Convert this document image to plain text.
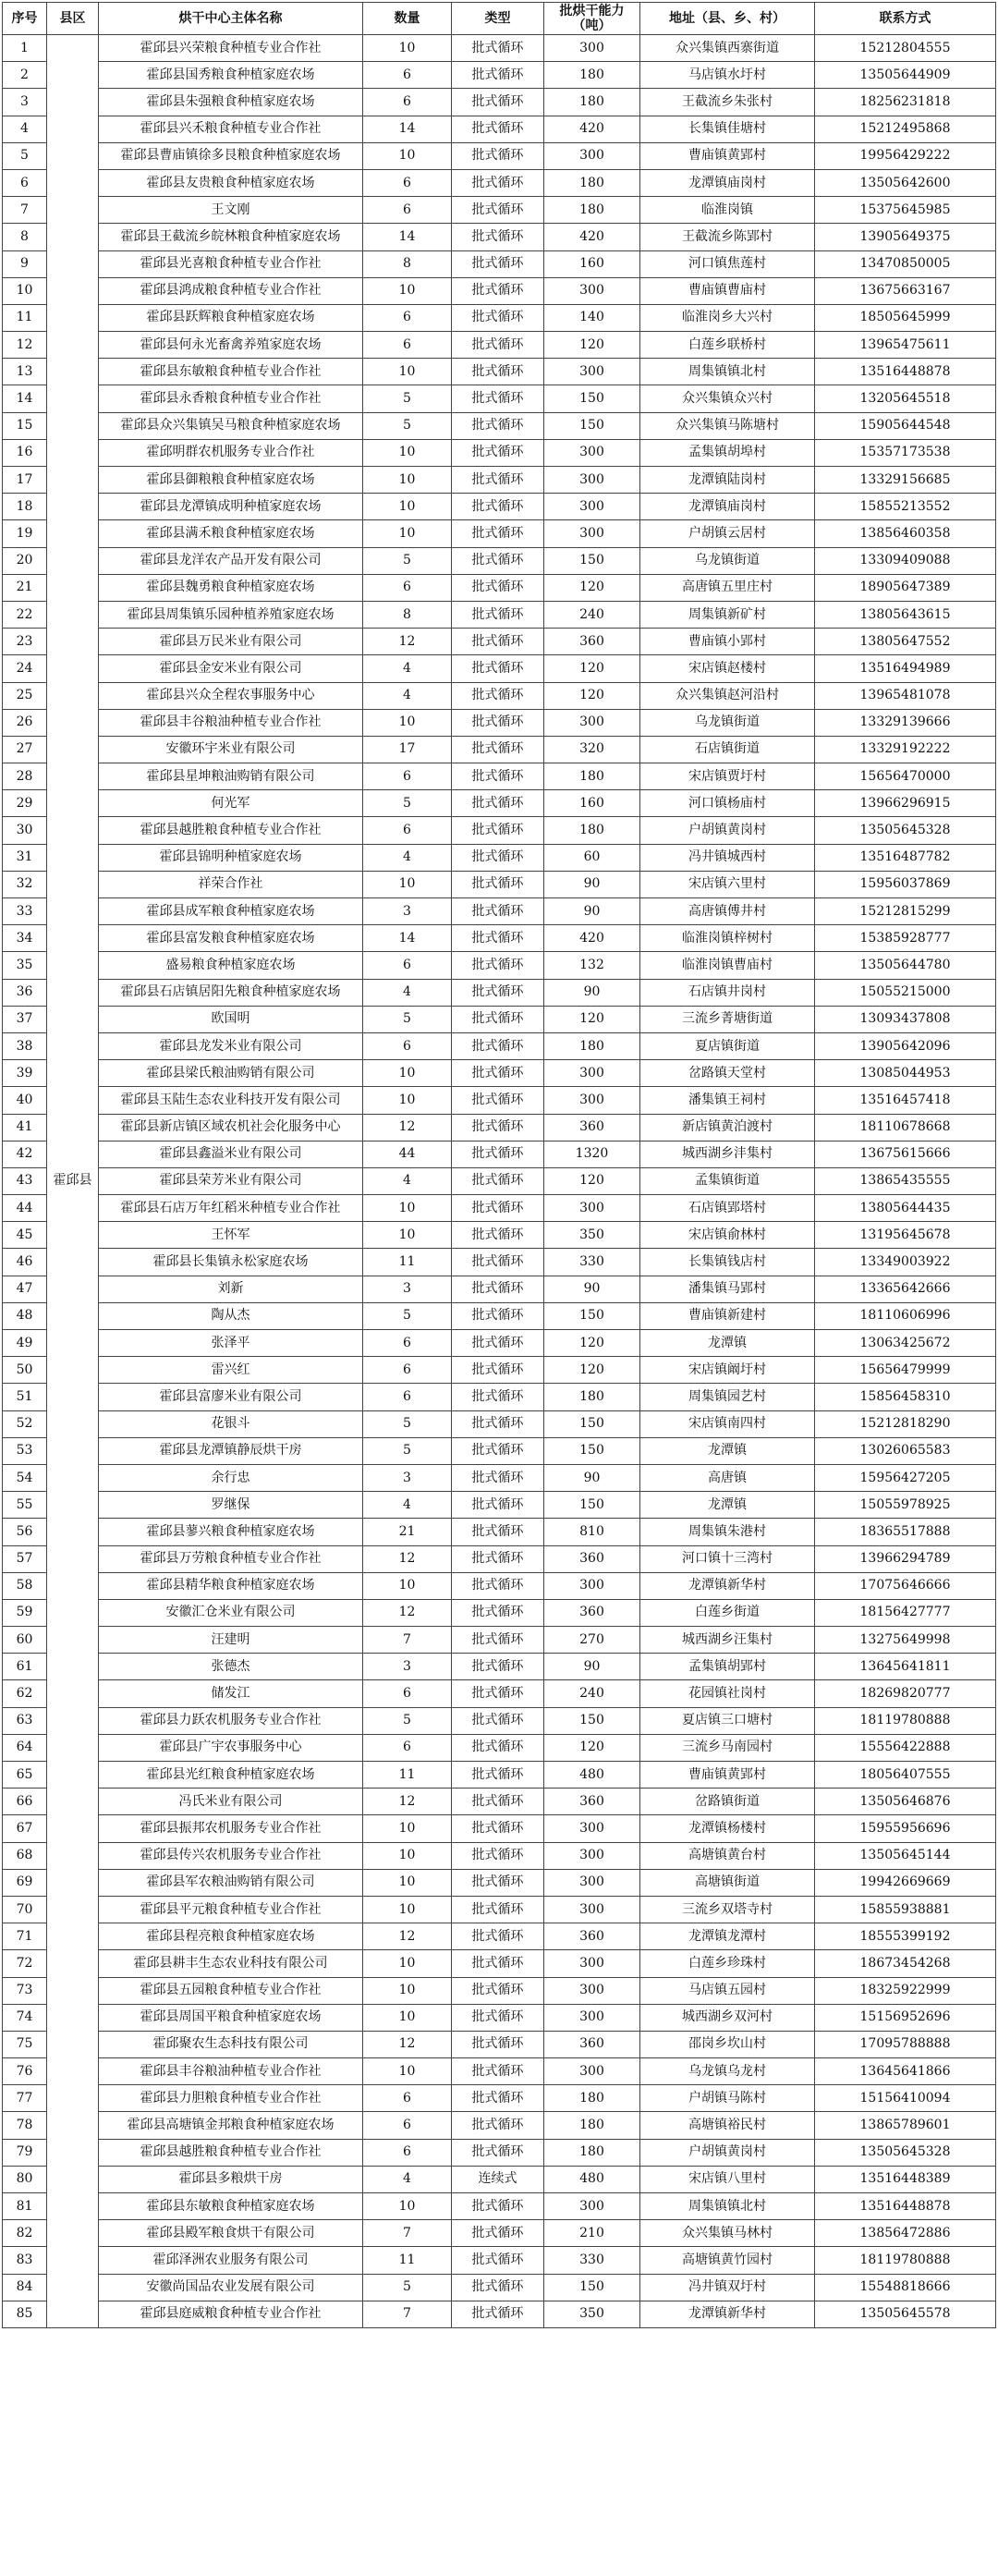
序号	县区	烘干中心主体名称	数量	类型	批烘干能力（吨）	地址（县、乡、村）	联系方式
1	霍邱县	霍邱县兴荣粮食种植专业合作社	10	批式循环	300	众兴集镇西寨街道	15212804555
2		霍邱县国秀粮食种植家庭农场	6	批式循环	180	马店镇水圩村	13505644909
3		霍邱县朱强粮食种植家庭农场	6	批式循环	180	王截流乡朱张村	18256231818
4		霍邱县兴禾粮食种植专业合作社	14	批式循环	420	长集镇佳塘村	15212495868
5		霍邱县曹庙镇徐多艮粮食种植家庭农场	10	批式循环	300	曹庙镇黄郢村	19956429222
6		霍邱县友贵粮食种植家庭农场	6	批式循环	180	龙潭镇庙岗村	13505642600
7		王文刚	6	批式循环	180	临淮岗镇	15375645985
8		霍邱县王截流乡皖林粮食种植家庭农场	14	批式循环	420	王截流乡陈郢村	13905649375
9		霍邱县光喜粮食种植专业合作社	8	批式循环	160	河口镇焦莲村	13470850005
10		霍邱县鸿成粮食种植专业合作社	10	批式循环	300	曹庙镇曹庙村	13675663167
11		霍邱县跃辉粮食种植家庭农场	6	批式循环	140	临淮岗乡大兴村	18505645999
12		霍邱县何永光畜禽养殖家庭农场	6	批式循环	120	白莲乡联桥村	13965475611
13		霍邱县东敏粮食种植专业合作社	10	批式循环	300	周集镇镇北村	13516448878
14		霍邱县永香粮食种植专业合作社	5	批式循环	150	众兴集镇众兴村	13205645518
15		霍邱县众兴集镇吴马粮食种植家庭农场	5	批式循环	150	众兴集镇马陈塘村	15905644548
16		霍邱明群农机服务专业合作社	10	批式循环	300	孟集镇胡埠村	15357173538
17		霍邱县御粮粮食种植家庭农场	10	批式循环	300	龙潭镇陆岗村	13329156685
18		霍邱县龙潭镇成明种植家庭农场	10	批式循环	300	龙潭镇庙岗村	15855213552
19		霍邱县满禾粮食种植家庭农场	10	批式循环	300	户胡镇云居村	13856460358
20		霍邱县龙洋农产品开发有限公司	5	批式循环	150	乌龙镇街道	13309409088
21		霍邱县魏勇粮食种植家庭农场	6	批式循环	120	高唐镇五里庄村	18905647389
22		霍邱县周集镇乐园种植养殖家庭农场	8	批式循环	240	周集镇新矿村	13805643615
23		霍邱县万民米业有限公司	12	批式循环	360	曹庙镇小郢村	13805647552
24		霍邱县金安米业有限公司	4	批式循环	120	宋店镇赵楼村	13516494989
25		霍邱县兴众全程农事服务中心	4	批式循环	120	众兴集镇赵河沿村	13965481078
26		霍邱县丰谷粮油种植专业合作社	10	批式循环	300	乌龙镇街道	13329139666
27		安徽环宇米业有限公司	17	批式循环	320	石店镇街道	13329192222
28		霍邱县星坤粮油购销有限公司	6	批式循环	180	宋店镇贾圩村	15656470000
29		何光军	5	批式循环	160	河口镇杨庙村	13966296915
30		霍邱县越胜粮食种植专业合作社	6	批式循环	180	户胡镇黄岗村	13505645328
31		霍邱县锦明种植家庭农场	4	批式循环	60	冯井镇城西村	13516487782
32		祥荣合作社	10	批式循环	90	宋店镇六里村	15956037869
33		霍邱县成军粮食种植家庭农场	3	批式循环	90	高唐镇傅井村	15212815299
34		霍邱县富发粮食种植家庭农场	14	批式循环	420	临淮岗镇梓树村	15385928777
35		盛易粮食种植家庭农场	6	批式循环	132	临淮岗镇曹庙村	13505644780
36		霍邱县石店镇居阳先粮食种植家庭农场	4	批式循环	90	石店镇井岗村	15055215000
37		欧国明	5	批式循环	120	三流乡菁塘街道	13093437808
38		霍邱县龙发米业有限公司	6	批式循环	180	夏店镇街道	13905642096
39		霍邱县梁氏粮油购销有限公司	10	批式循环	300	岔路镇天堂村	13085044953
40		霍邱县玉陆生态农业科技开发有限公司	10	批式循环	300	潘集镇王祠村	13516457418
41		霍邱县新店镇区域农机社会化服务中心	12	批式循环	360	新店镇黄泊渡村	18110678668
42		霍邱县鑫溢米业有限公司	44	批式循环	1320	城西湖乡沣集村	13675615666
43		霍邱县荣芳米业有限公司	4	批式循环	120	孟集镇街道	13865435555
44		霍邱县石店万年红稻米种植专业合作社	10	批式循环	300	石店镇郢塔村	13805644435
45		王怀军	10	批式循环	350	宋店镇俞林村	13195645678
46		霍邱县长集镇永松家庭农场	11	批式循环	330	长集镇钱店村	13349003922
47		刘新	3	批式循环	90	潘集镇马郢村	13365642666
48		陶从杰	5	批式循环	150	曹庙镇新建村	18110606996
49		张泽平	6	批式循环	120	龙潭镇	13063425672
50		雷兴红	6	批式循环	120	宋店镇阚圩村	15656479999
51		霍邱县富廖米业有限公司	6	批式循环	180	周集镇园艺村	15856458310
52		花银斗	5	批式循环	150	宋店镇南四村	15212818290
53		霍邱县龙潭镇静辰烘干房	5	批式循环	150	龙潭镇	13026065583
54		余行忠	3	批式循环	90	高唐镇	15956427205
55		罗继保	4	批式循环	150	龙潭镇	15055978925
56		霍邱县蓼兴粮食种植家庭农场	21	批式循环	810	周集镇朱港村	18365517888
57		霍邱县万劳粮食种植专业合作社	12	批式循环	360	河口镇十三湾村	13966294789
58		霍邱县精华粮食种植家庭农场	10	批式循环	300	龙潭镇新华村	17075646666
59		安徽汇仓米业有限公司	12	批式循环	360	白莲乡街道	18156427777
60		汪建明	7	批式循环	270	城西湖乡汪集村	13275649998
61		张德杰	3	批式循环	90	孟集镇胡郢村	13645641811
62		储发江	6	批式循环	240	花园镇社岗村	18269820777
63		霍邱县力跃农机服务专业合作社	5	批式循环	150	夏店镇三口塘村	18119780888
64		霍邱县广宇农事服务中心	6	批式循环	120	三流乡马南园村	15556422888
65		霍邱县光红粮食种植家庭农场	11	批式循环	480	曹庙镇黄郢村	18056407555
66		冯氏米业有限公司	12	批式循环	360	岔路镇街道	13505646876
67		霍邱县振邦农机服务专业合作社	10	批式循环	300	龙潭镇杨楼村	15955956696
68		霍邱县传兴农机服务专业合作社	10	批式循环	300	高塘镇黄台村	13505645144
69		霍邱县军农粮油购销有限公司	10	批式循环	300	高塘镇街道	19942669669
70		霍邱县平元粮食种植专业合作社	10	批式循环	300	三流乡双塔寺村	15855938881
71		霍邱县程亮粮食种植家庭农场	12	批式循环	360	龙潭镇龙潭村	18555399192
72		霍邱县耕丰生态农业科技有限公司	10	批式循环	300	白莲乡珍珠村	18673454268
73		霍邱县五园粮食种植专业合作社	10	批式循环	300	马店镇五园村	18325922999
74		霍邱县周国平粮食种植家庭农场	10	批式循环	300	城西湖乡双河村	15156952696
75		霍邱聚农生态科技有限公司	12	批式循环	360	邵岗乡坎山村	17095788888
76		霍邱县丰谷粮油种植专业合作社	10	批式循环	300	乌龙镇乌龙村	13645641866
77		霍邱县力胆粮食种植专业合作社	6	批式循环	180	户胡镇马陈村	15156410094
78		霍邱县高塘镇金邦粮食种植家庭农场	6	批式循环	180	高塘镇裕民村	13865789601
79		霍邱县越胜粮食种植专业合作社	6	批式循环	180	户胡镇黄岗村	13505645328
80		霍邱县多粮烘干房	4	连续式	480	宋店镇八里村	13516448389
81		霍邱县东敏粮食种植家庭农场	10	批式循环	300	周集镇镇北村	13516448878
82		霍邱县殿军粮食烘干有限公司	7	批式循环	210	众兴集镇马林村	13856472886
83		霍邱泽洲农业服务有限公司	11	批式循环	330	高塘镇黄竹园村	18119780888
84		安徽尚国品农业发展有限公司	5	批式循环	150	冯井镇双圩村	15548818666
85		霍邱县庭威粮食种植专业合作社	7	批式循环	350	龙潭镇新华村	13505645578
